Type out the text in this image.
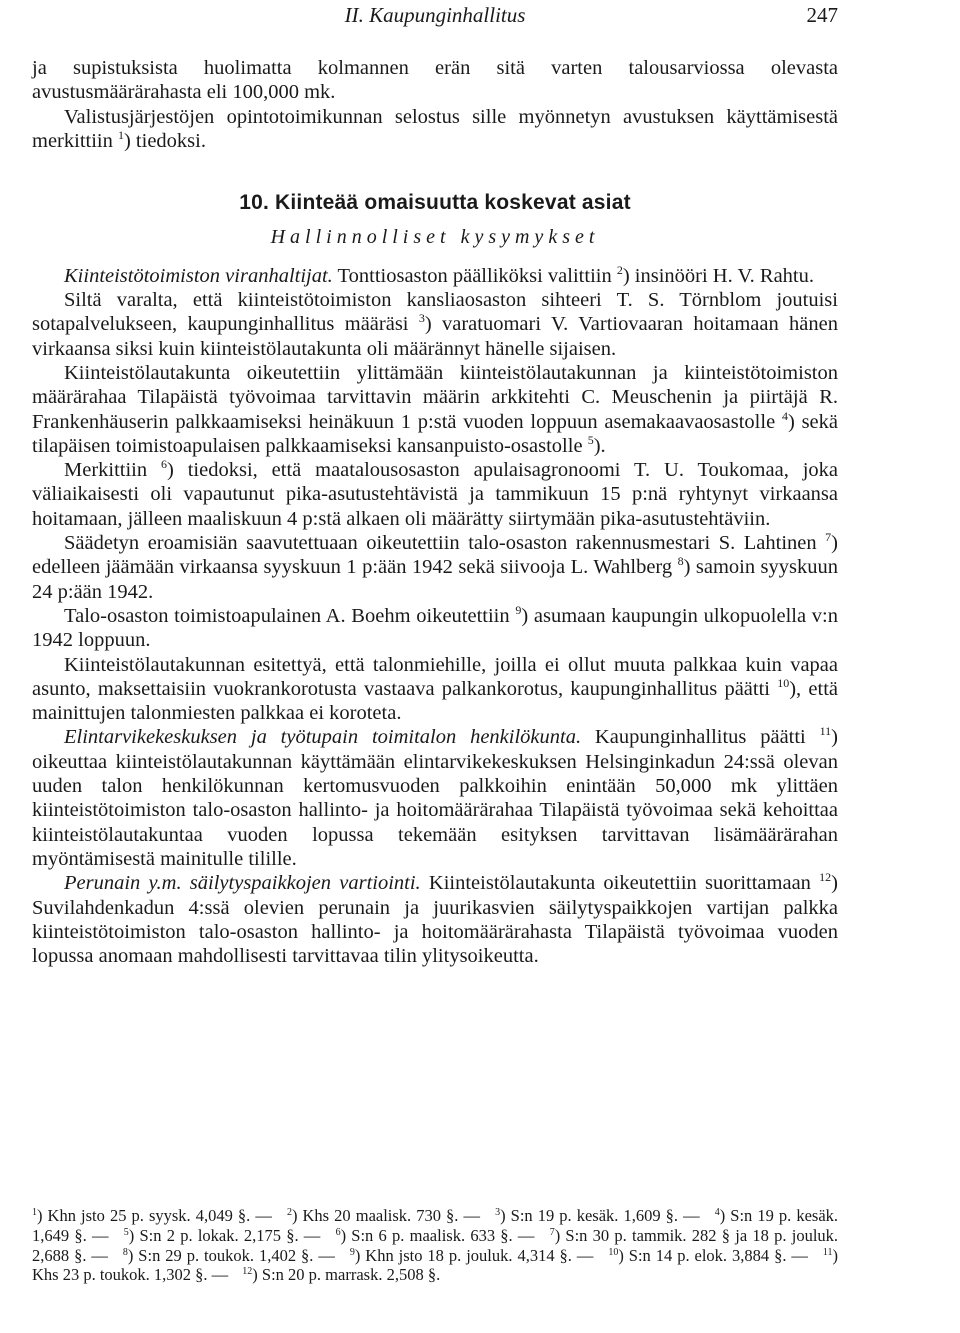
II. Kaupunginhallitus	247

ja supistuksista huolimatta kolmannen erän sitä varten talousarviossa olevasta avustusmäärärahasta eli 100,000 mk.

Valistusjärjestöjen opintotoimikunnan selostus sille myönnetyn avustuksen käyttämisestä merkittiin $^1$) tiedoksi.

10. Kiinteää omaisuutta koskevat asiat
Hallinnolliset kysymykset

Kiinteistötoimiston viranhaltijat. Tonttiosaston päälliköksi valittiin $^2$) insinööri H. V. Rahtu.

Siltä varalta, että kiinteistötoimiston kansliaosaston sihteeri T. S. Törnblom joutuisi sotapalvelukseen, kaupunginhallitus määräsi $^3$) varatuomari V. Vartiovaaran hoitamaan hänen virkaansa siksi kuin kiinteistölautakunta oli määrännyt hänelle sijaisen.

Kiinteistölautakunta oikeutettiin ylittämään kiinteistölautakunnan ja kiinteistötoimiston määrärahaa Tilapäistä työvoimaa tarvittavin määrin arkkitehti C. Meuschenin ja piirtäjä R. Frankenhäuserin palkkaamiseksi heinäkuun 1 p:stä vuoden loppuun asemakaavaosastolle $^4$) sekä tilapäisen toimistoapulaisen palkkaamiseksi kansanpuisto-osastolle $^5$).

Merkittiin $^6$) tiedoksi, että maatalousosaston apulaisagronoomi T. U. Toukomaa, joka väliaikaisesti oli vapautunut pika-asutustehtävistä ja tammikuun 15 p:nä ryhtynyt virkaansa hoitamaan, jälleen maaliskuun 4 p:stä alkaen oli määrätty siirtymään pika-asutustehtäviin.

Säädetyn eroamisiän saavutettuaan oikeutettiin talo-osaston rakennusmestari S. Lahtinen $^7$) edelleen jäämään virkaansa syyskuun 1 p:ään 1942 sekä siivooja L. Wahlberg $^8$) samoin syyskuun 24 p:ään 1942.

Talo-osaston toimistoapulainen A. Boehm oikeutettiin $^9$) asumaan kaupungin ulkopuolella v:n 1942 loppuun.

Kiinteistölautakunnan esitettyä, että talonmiehille, joilla ei ollut muuta palkkaa kuin vapaa asunto, maksettaisiin vuokrankorotusta vastaava palkankorotus, kaupunginhallitus päätti $^{10}$), että mainittujen talonmiesten palkkaa ei koroteta.

Elintarvikekeskuksen ja työtupain toimitalon henkilökunta. Kaupunginhallitus päätti $^{11}$) oikeuttaa kiinteistölautakunnan käyttämään elintarvikekeskuksen Helsinginkadun 24:ssä olevan uuden talon henkilökunnan kertomusvuoden palkkoihin enintään 50,000 mk ylittäen kiinteistötoimiston talo-osaston hallinto- ja hoitomäärärahaa Tilapäistä työvoimaa sekä kehoittaa kiinteistölautakuntaa vuoden lopussa tekemään esityksen tarvittavan lisämäärärahan myöntämisestä mainitulle tilille.

Perunain y.m. säilytyspaikkojen vartiointi. Kiinteistölautakunta oikeutettiin suorittamaan $^{12}$) Suvilahdenkadun 4:ssä olevien perunain ja juurikasvien säilytyspaikkojen vartijan palkka kiinteistötoimiston talo-osaston hallinto- ja hoitomäärärahasta Tilapäistä työvoimaa vuoden lopussa anomaan mahdollisesti tarvittavaa tilin ylitysoikeutta.

$^1$) Khn jsto 25 p. syysk. 4,049 §. — $^2$) Khs 20 maalisk. 730 §. — $^3$) S:n 19 p. kesäk. 1,609 §. — $^4$) S:n 19 p. kesäk. 1,649 §. — $^5$) S:n 2 p. lokak. 2,175 §. — $^6$) S:n 6 p. maalisk. 633 §. — $^7$) S:n 30 p. tammik. 282 § ja 18 p. jouluk. 2,688 §. — $^8$) S:n 29 p. toukok. 1,402 §. — $^9$) Khn jsto 18 p. jouluk. 4,314 §. — $^{10}$) S:n 14 p. elok. 3,884 §. — $^{11}$) Khs 23 p. toukok. 1,302 §. — $^{12}$) S:n 20 p. marrask. 2,508 §.
